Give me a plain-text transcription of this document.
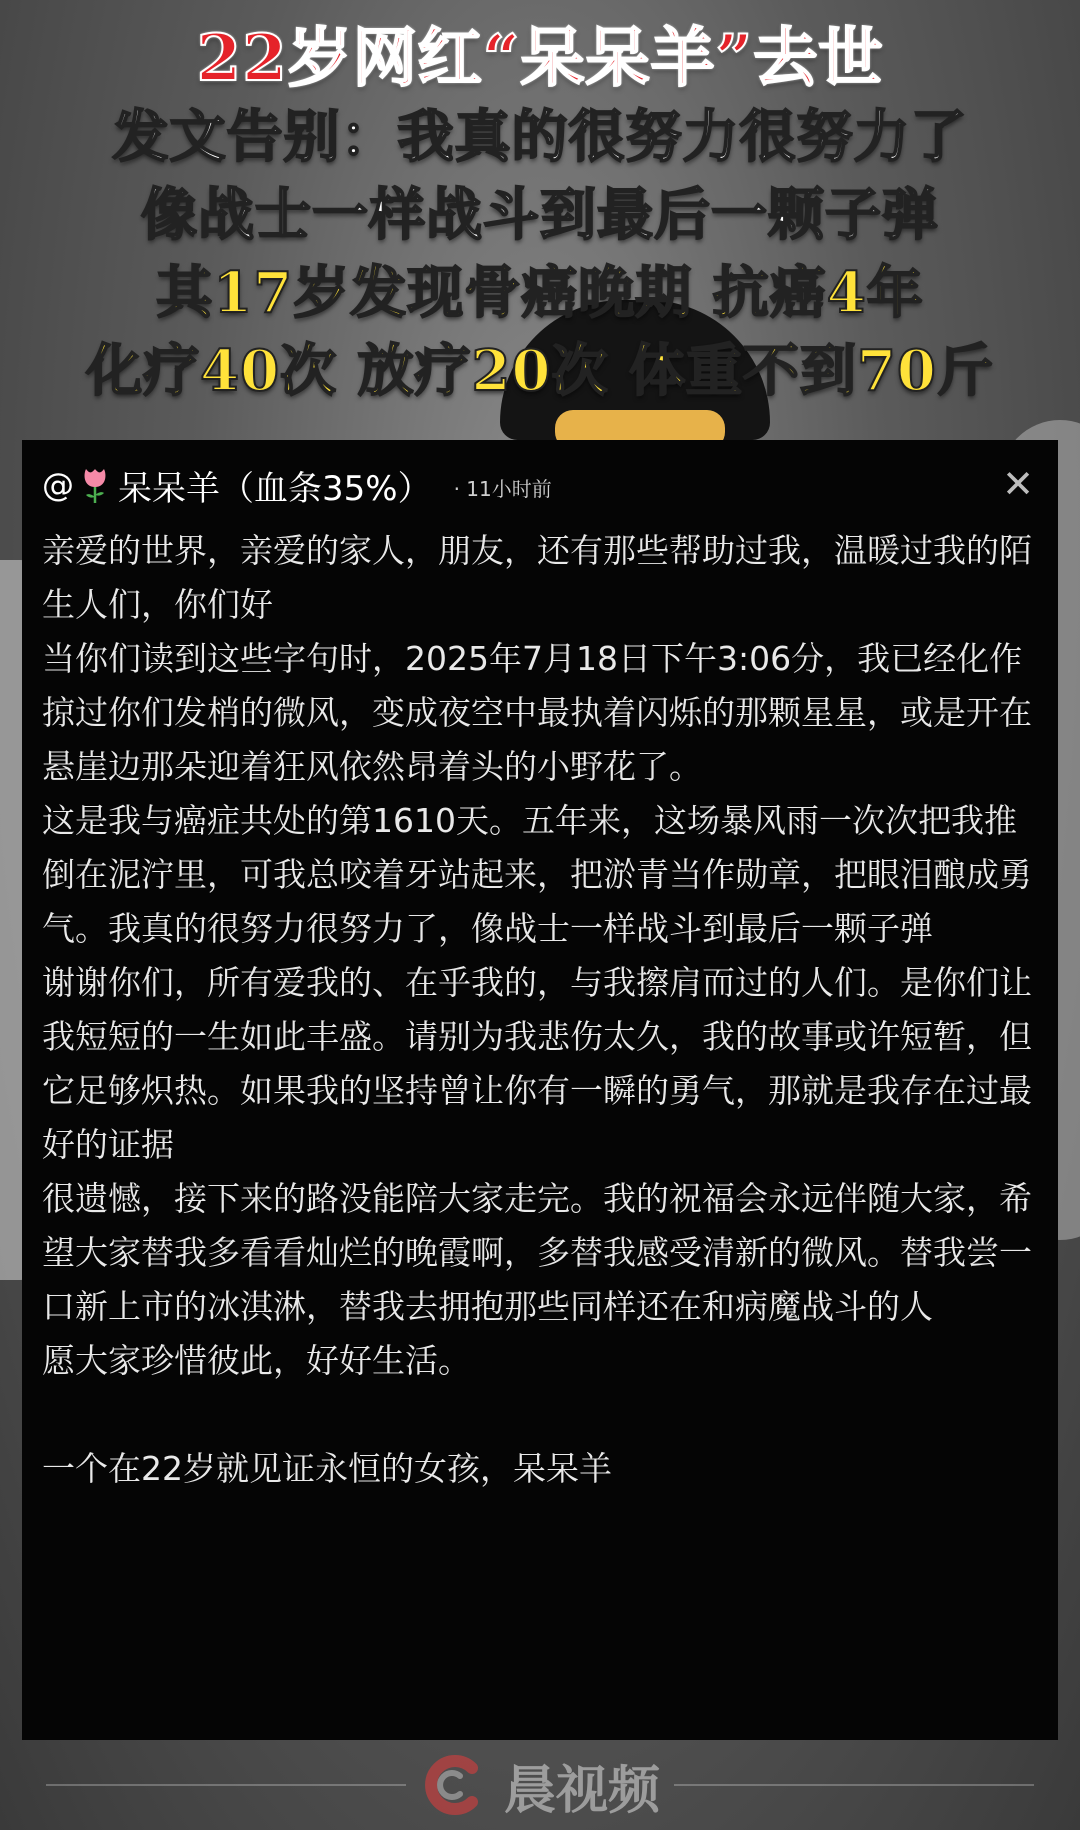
22岁网红“呆呆羊”去世
发文告别：我真的很努力很努力了
像战士一样战斗到最后一颗子弹
其17岁发现骨癌晚期 抗癌4年
化疗40次 放疗20次 体重不到70斤
@ 呆呆羊（血条35%）
·	11小时前	✕

亲爱的世界，亲爱的家人，朋友，还有那些帮助过我，温暖过我的陌生人们，你们好

当你们读到这些字句时，2025年7月18日下午3:06分，我已经化作掠过你们发梢的微风，变成夜空中最执着闪烁的那颗星星，或是开在悬崖边那朵迎着狂风依然昂着头的小野花了。

这是我与癌症共处的第1610天。五年来，这场暴风雨一次次把我推倒在泥泞里，可我总咬着牙站起来，把淤青当作勋章，把眼泪酿成勇气。我真的很努力很努力了，像战士一样战斗到最后一颗子弹

谢谢你们，所有爱我的、在乎我的，与我擦肩而过的人们。是你们让我短短的一生如此丰盛。请别为我悲伤太久，我的故事或许短暂，但它足够炽热。如果我的坚持曾让你有一瞬的勇气，那就是我存在过最好的证据

很遗憾，接下来的路没能陪大家走完。我的祝福会永远伴随大家，希望大家替我多看看灿烂的晚霞啊，多替我感受清新的微风。替我尝一口新上市的冰淇淋，替我去拥抱那些同样还在和病魔战斗的人

愿大家珍惜彼此，好好生活。

一个在22岁就见证永恒的女孩，呆呆羊

晨视频
